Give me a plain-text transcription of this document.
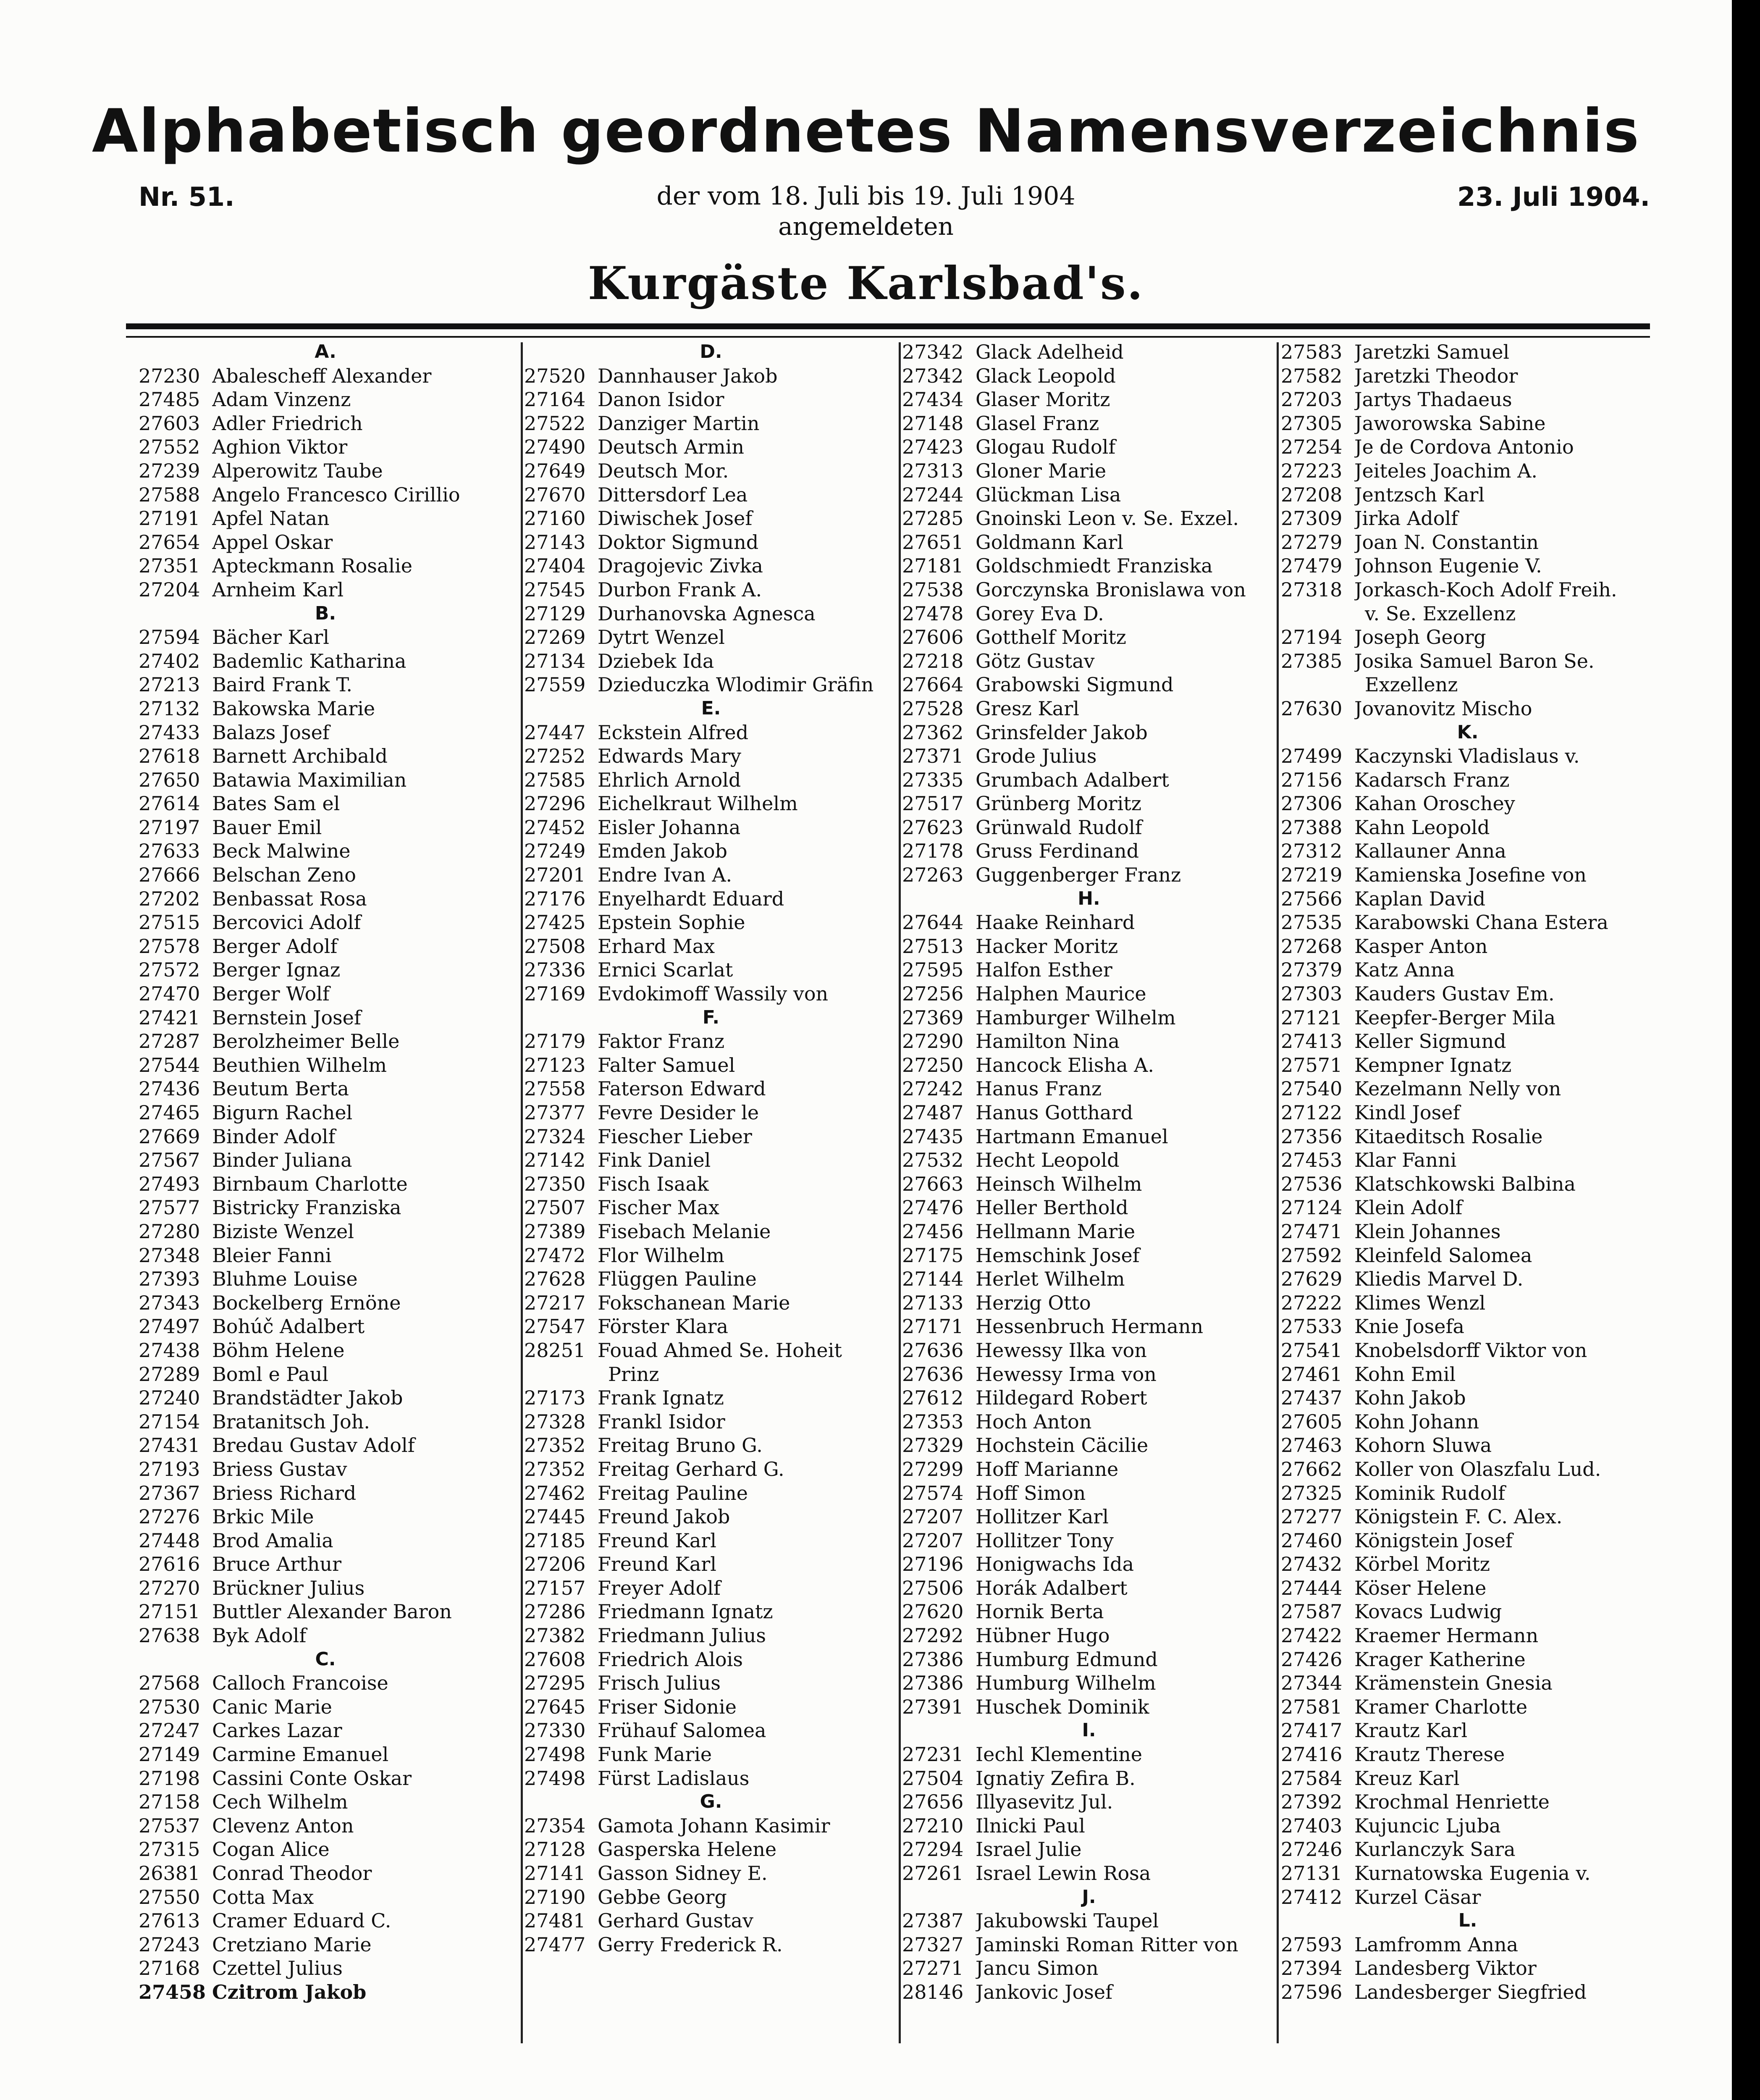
Alphabetisch geordnetes Namensverzeichnis
Nr. 51.	der vom 18. Juli bis 19. Juli 1904
angemeldeten
23. Juli 1904.
Kurgäste Karlsbad's.
A.
27230 Abalescheff Alexander
27485 Adam Vinzenz
27603 Adler Friedrich
27552 Aghion Viktor
27239 Alperowitz Taube
27588 Angelo Francesco Cirillio
27191 Apfel Natan
27654 Appel Oskar
27351 Apteckmann Rosalie
27204 Arnheim Karl
B.
27594 Bächer Karl
27402 Bademlic Katharina
27213 Baird Frank T.
27132 Bakowska Marie
27433 Balazs Josef
27618 Barnett Archibald
27650 Batawia Maximilian
27614 Bates Sam el
27197 Bauer Emil
27633 Beck Malwine
27666 Belschan Zeno
27202 Benbassat Rosa
27515 Bercovici Adolf
27578 Berger Adolf
27572 Berger Ignaz
27470 Berger Wolf
27421 Bernstein Josef
27287 Berolzheimer Belle
27544 Beuthien Wilhelm
27436 Beutum Berta
27465 Bigurn Rachel
27669 Binder Adolf
27567 Binder Juliana
27493 Birnbaum Charlotte
27577 Bistricky Franziska
27280 Biziste Wenzel
27348 Bleier Fanni
27393 Bluhme Louise
27343 Bockelberg Ernöne
27497 Bohúč Adalbert
27438 Böhm Helene
27289 Boml e Paul
27240 Brandstädter Jakob
27154 Bratanitsch Joh.
27431 Bredau Gustav Adolf
27193 Briess Gustav
27367 Briess Richard
27276 Brkic Mile
27448 Brod Amalia
27616 Bruce Arthur
27270 Brückner Julius
27151 Buttler Alexander Baron
27638 Byk Adolf
C.
27568 Calloch Francoise
27530 Canic Marie
27247 Carkes Lazar
27149 Carmine Emanuel
27198 Cassini Conte Oskar
27158 Cech Wilhelm
27537 Clevenz Anton
27315 Cogan Alice
26381 Conrad Theodor
27550 Cotta Max
27613 Cramer Eduard C.
27243 Cretziano Marie
27168 Czettel Julius
27458 Czitrom Jakob
D.
27520 Dannhauser Jakob
27164 Danon Isidor
27522 Danziger Martin
27490 Deutsch Armin
27649 Deutsch Mor.
27670 Dittersdorf Lea
27160 Diwischek Josef
27143 Doktor Sigmund
27404 Dragojevic Zivka
27545 Durbon Frank A.
27129 Durhanovska Agnesca
27269 Dytrt Wenzel
27134 Dziebek Ida
27559 Dzieduczka Wlodimir Gräfin
E.
27447 Eckstein Alfred
27252 Edwards Mary
27585 Ehrlich Arnold
27296 Eichelkraut Wilhelm
27452 Eisler Johanna
27249 Emden Jakob
27201 Endre Ivan A.
27176 Enyelhardt Eduard
27425 Epstein Sophie
27508 Erhard Max
27336 Ernici Scarlat
27169 Evdokimoff Wassily von
F.
27179 Faktor Franz
27123 Falter Samuel
27558 Faterson Edward
27377 Fevre Desider le
27324 Fiescher Lieber
27142 Fink Daniel
27350 Fisch Isaak
27507 Fischer Max
27389 Fisebach Melanie
27472 Flor Wilhelm
27628 Flüggen Pauline
27217 Fokschanean Marie
27547 Förster Klara
28251 Fouad Ahmed Se. Hoheit
Prinz
27173 Frank Ignatz
27328 Frankl Isidor
27352 Freitag Bruno G.
27352 Freitag Gerhard G.
27462 Freitag Pauline
27445 Freund Jakob
27185 Freund Karl
27206 Freund Karl
27157 Freyer Adolf
27286 Friedmann Ignatz
27382 Friedmann Julius
27608 Friedrich Alois
27295 Frisch Julius
27645 Friser Sidonie
27330 Frühauf Salomea
27498 Funk Marie
27498 Fürst Ladislaus
G.
27354 Gamota Johann Kasimir
27128 Gasperska Helene
27141 Gasson Sidney E.
27190 Gebbe Georg
27481 Gerhard Gustav
27477 Gerry Frederick R.
27342 Glack Adelheid
27342 Glack Leopold
27434 Glaser Moritz
27148 Glasel Franz
27423 Glogau Rudolf
27313 Gloner Marie
27244 Glückman Lisa
27285 Gnoinski Leon v. Se. Exzel.
27651 Goldmann Karl
27181 Goldschmiedt Franziska
27538 Gorczynska Bronislawa von
27478 Gorey Eva D.
27606 Gotthelf Moritz
27218 Götz Gustav
27664 Grabowski Sigmund
27528 Gresz Karl
27362 Grinsfelder Jakob
27371 Grode Julius
27335 Grumbach Adalbert
27517 Grünberg Moritz
27623 Grünwald Rudolf
27178 Gruss Ferdinand
27263 Guggenberger Franz
H.
27644 Haake Reinhard
27513 Hacker Moritz
27595 Halfon Esther
27256 Halphen Maurice
27369 Hamburger Wilhelm
27290 Hamilton Nina
27250 Hancock Elisha A.
27242 Hanus Franz
27487 Hanus Gotthard
27435 Hartmann Emanuel
27532 Hecht Leopold
27663 Heinsch Wilhelm
27476 Heller Berthold
27456 Hellmann Marie
27175 Hemschink Josef
27144 Herlet Wilhelm
27133 Herzig Otto
27171 Hessenbruch Hermann
27636 Hewessy Ilka von
27636 Hewessy Irma von
27612 Hildegard Robert
27353 Hoch Anton
27329 Hochstein Cäcilie
27299 Hoff Marianne
27574 Hoff Simon
27207 Hollitzer Karl
27207 Hollitzer Tony
27196 Honigwachs Ida
27506 Horák Adalbert
27620 Hornik Berta
27292 Hübner Hugo
27386 Humburg Edmund
27386 Humburg Wilhelm
27391 Huschek Dominik
I.
27231 Iechl Klementine
27504 Ignatiy Zefira B.
27656 Illyasevitz Jul.
27210 Ilnicki Paul
27294 Israel Julie
27261 Israel Lewin Rosa
J.
27387 Jakubowski Taupel
27327 Jaminski Roman Ritter von
27271 Jancu Simon
28146 Jankovic Josef
27583 Jaretzki Samuel
27582 Jaretzki Theodor
27203 Jartys Thadaeus
27305 Jaworowska Sabine
27254 Je de Cordova Antonio
27223 Jeiteles Joachim A.
27208 Jentzsch Karl
27309 Jirka Adolf
27279 Joan N. Constantin
27479 Johnson Eugenie V.
27318 Jorkasch-Koch Adolf Freih.
v. Se. Exzellenz
27194 Joseph Georg
27385 Josika Samuel Baron Se.
Exzellenz
27630 Jovanovitz Mischo
K.
27499 Kaczynski Vladislaus v.
27156 Kadarsch Franz
27306 Kahan Oroschey
27388 Kahn Leopold
27312 Kallauner Anna
27219 Kamienska Josefine von
27566 Kaplan David
27535 Karabowski Chana Estera
27268 Kasper Anton
27379 Katz Anna
27303 Kauders Gustav Em.
27121 Keepfer-Berger Mila
27413 Keller Sigmund
27571 Kempner Ignatz
27540 Kezelmann Nelly von
27122 Kindl Josef
27356 Kitaeditsch Rosalie
27453 Klar Fanni
27536 Klatschkowski Balbina
27124 Klein Adolf
27471 Klein Johannes
27592 Kleinfeld Salomea
27629 Kliedis Marvel D.
27222 Klimes Wenzl
27533 Knie Josefa
27541 Knobelsdorff Viktor von
27461 Kohn Emil
27437 Kohn Jakob
27605 Kohn Johann
27463 Kohorn Sluwa
27662 Koller von Olaszfalu Lud.
27325 Kominik Rudolf
27277 Königstein F. C. Alex.
27460 Königstein Josef
27432 Körbel Moritz
27444 Köser Helene
27587 Kovacs Ludwig
27422 Kraemer Hermann
27426 Krager Katherine
27344 Krämenstein Gnesia
27581 Kramer Charlotte
27417 Krautz Karl
27416 Krautz Therese
27584 Kreuz Karl
27392 Krochmal Henriette
27403 Kujuncic Ljuba
27246 Kurlanczyk Sara
27131 Kurnatowska Eugenia v.
27412 Kurzel Cäsar
L.
27593 Lamfromm Anna
27394 Landesberg Viktor
27596 Landesberger Siegfried
